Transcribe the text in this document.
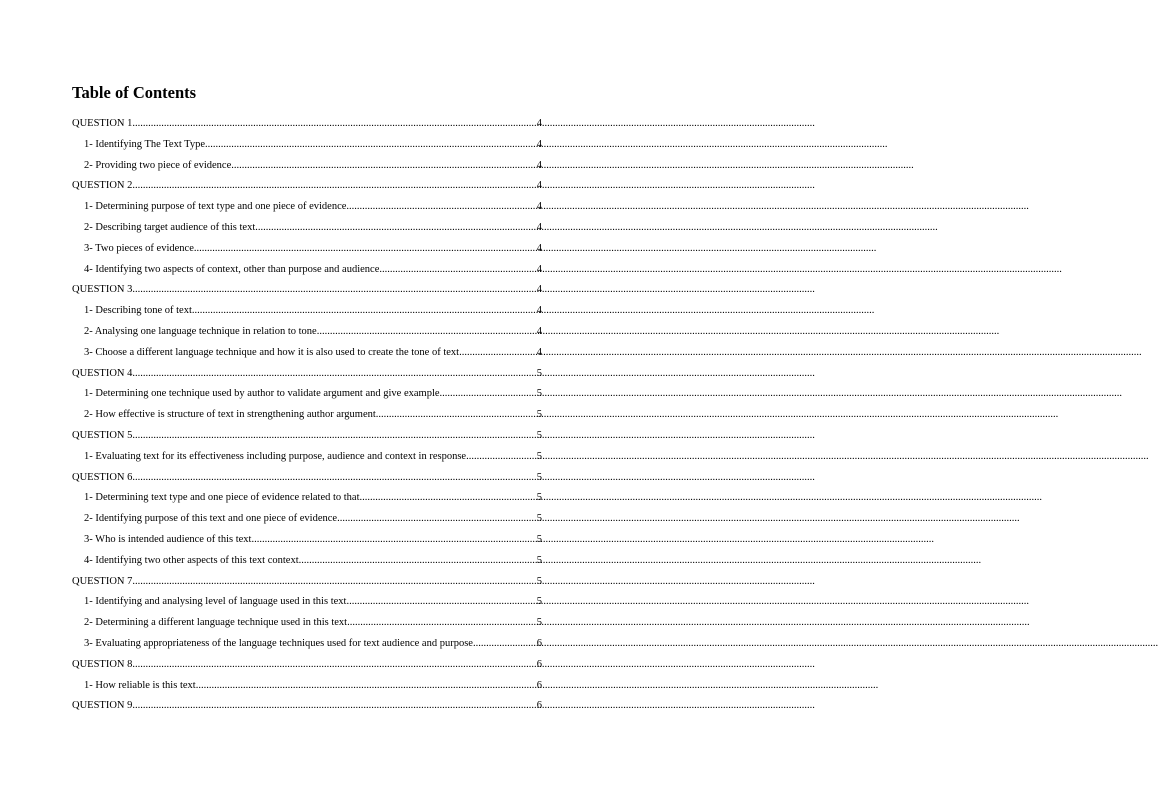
Table of Contents
QUESTION 1 .....	4
1- Identifying The Text Type .....	4
2- Providing two piece of evidence .....	4
QUESTION 2 .....	4
1- Determining purpose of text type and one piece of evidence .....	4
2- Describing target audience of this text .....	4
3- Two pieces of evidence .....	4
4- Identifying two aspects of context, other than purpose and audience .....	4
QUESTION 3 .....	4
1- Describing tone of text .....	4
2- Analysing one language technique in relation to tone .....	4
3- Choose a different language technique and how it is also used to create the tone of text .....	4
QUESTION 4 .....	5
1- Determining one technique used by author to validate argument and give example .....	5
2- How effective is structure of text in strengthening author argument .....	5
QUESTION 5 .....	5
1- Evaluating text for its effectiveness including purpose, audience and context in response .....	5
QUESTION 6 .....	5
1- Determining text type and one piece of evidence related to that .....	5
2- Identifying purpose of this text and one piece of evidence .....	5
3- Who is intended audience of this text .....	5
4- Identifying two other aspects of this text context .....	5
QUESTION 7 .....	5
1- Identifying and analysing level of language used in this text .....	5
2- Determining a different language technique used in this text .....	5
3- Evaluating appropriateness of the language techniques used for text audience and purpose. .....	6
QUESTION 8 .....	6
1- How reliable is this text .....	6
QUESTION 9 .....	6
